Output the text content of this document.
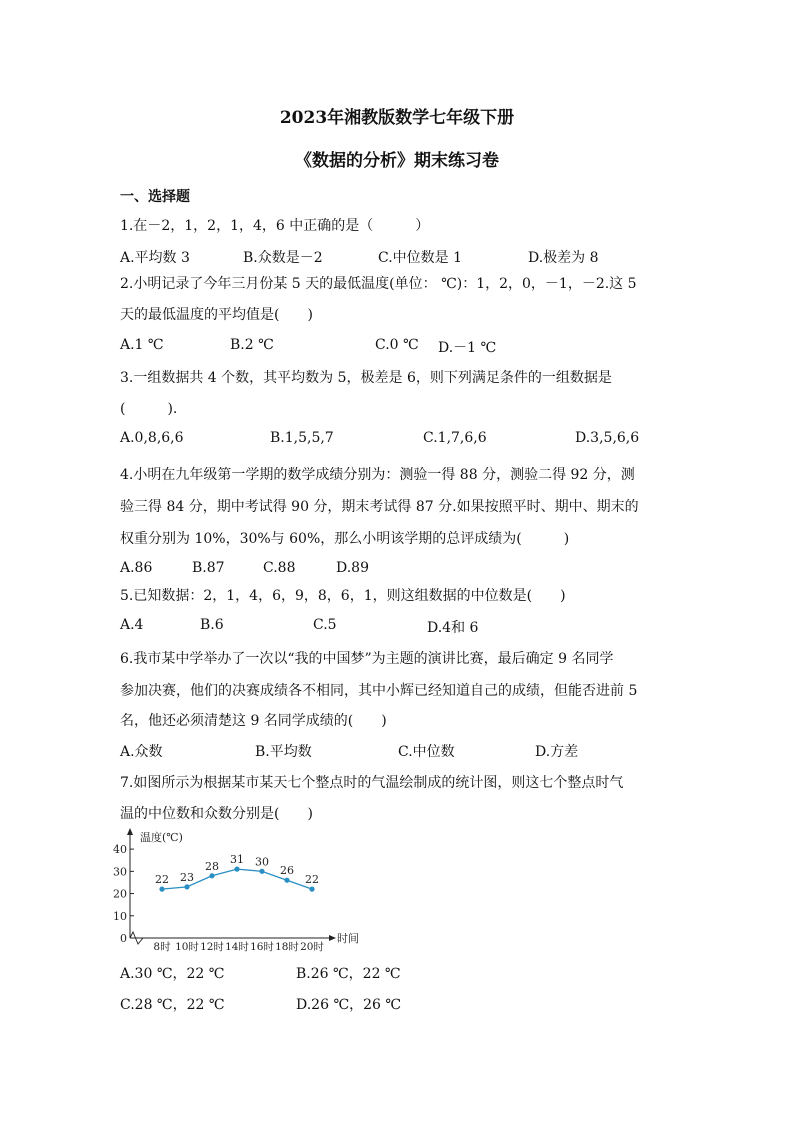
2023年湘教版数学七年级下册
《数据的分析》期末练习卷
一、选择题
1.在－2，1，2，1，4，6 中正确的是（　　　）
A.平均数 3	B.众数是－2	C.中位数是 1	D.极差为 8
2.小明记录了今年三月份某 5 天的最低温度(单位： ℃)：1，2，0，－1，－2.这 5
天的最低温度的平均值是(　　)
A.1 ℃	B.2 ℃	C.0 ℃ D.－1 ℃
3.一组数据共 4 个数，其平均数为 5，极差是 6，则下列满足条件的一组数据是
(　　　).
A.0,8,6,6	B.1,5,5,7	C.1,7,6,6	D.3,5,6,6
4.小明在九年级第一学期的数学成绩分别为：测验一得 88 分，测验二得 92 分，测
验三得 84 分，期中考试得 90 分，期末考试得 87 分.如果按照平时、期中、期末的
权重分别为 10%，30%与 60%，那么小明该学期的总评成绩为(　　　)
A.86	B.87	C.88	D.89
5.已知数据：2，1，4，6，9，8，6，1，则这组数据的中位数是(　　)
A.4	B.6	C.5	D.4和 6
6.我市某中学举办了一次以“我的中国梦”为主题的演讲比赛，最后确定 9 名同学
参加决赛，他们的决赛成绩各不相同，其中小辉已经知道自己的成绩，但能否进前 5
名，他还必须清楚这 9 名同学成绩的(　　)
A.众数	B.平均数	C.中位数	D.方差
7.如图所示为根据某市某天七个整点时的气温绘制成的统计图，则这七个整点时气
温的中位数和众数分别是(　　)
温度(℃)
时间
0
10
20
30
40
8时 10时 12时 14时 16时 18时 20时
22 23
28
31 30
26
22
A.30 ℃，22 ℃	B.26 ℃，22 ℃
C.28 ℃，22 ℃	D.26 ℃，26 ℃
